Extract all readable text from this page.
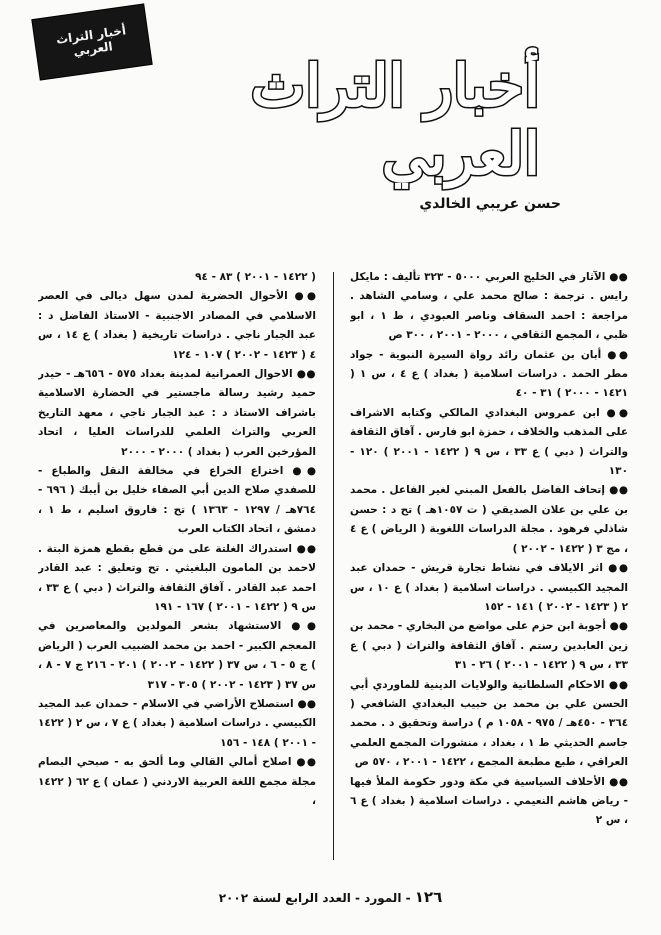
أخبار التراث العربي
أخبار التراث العربي
حسن عريبي الخالدي

●● الآثار في الخليج العربي ٥٠٠٠ - ٣٢٣ تأليف : مايكل رايس . ترجمة : صالح محمد علي ، وسامي الشاهد . مراجعة : احمد السقاف وناصر العبودي ، ط ١ ، ابو ظبي ، المجمع الثقافي ، ٢٠٠٠ - ٢٠٠١ ، ٣٠٠ ص

●● أبان بن عثمان رائد رواة السيرة النبوية - جواد مطر الحمد . دراسات اسلامية ( بغداد ) ع ٤ ، س ١ ( ١٤٢١ - ٢٠٠٠ ) ٣١ - ٤٠

●● ابن عمروس البغدادي المالكي وكتابه الاشراف على المذهب والخلاف ، حمزة ابو فارس . آفاق الثقافة والتراث ( دبي ) ع ٣٣ ، س ٩ ( ١٤٢٢ - ٢٠٠١ ) ١٢٠ - ١٣٠

●● إتحاف الفاضل بالفعل المبني لغير الفاعل . محمد بن علي بن علان الصديقي ( ت ١٠٥٧هـ ) تح د : حسن شاذلي فرهود . مجلة الدراسات اللغوية ( الرياض ) ع ٤ ، مج ٣ ( ١٤٢٢ - ٢٠٠٢ )

●● اثر الايلاف في نشاط تجارة قريش - حمدان عبد المجيد الكبيسي . دراسات اسلامية ( بغداد ) ع ١٠ ، س ٢ ( ١٤٢٣ - ٢٠٠٢ ) ١٤١ - ١٥٢

●● أجوبة ابن حزم على مواضع من البخاري - محمد بن زين العابدين رستم . آفاق الثقافة والتراث ( دبي ) ع ٣٣ ، س ٩ ( ١٤٢٢ - ٢٠٠١ ) ٢٦ - ٣١

●● الاحكام السلطانية والولايات الدينية للماوردي أبي الحسن علي بن محمد بن حبيب البغدادي الشافعي ( ٣٦٤ - ٤٥٠هـ / ٩٧٥ - ١٠٥٨ م ) دراسة وتحقيق د . محمد جاسم الحديثي ط ١ ، بغداد ، منشورات المجمع العلمي العراقي ، طبع مطبعة المجمع ، ١٤٢٢ - ٢٠٠١ ، ٥٧٠ ص

●● الأحلاف السياسية في مكة ودور حكومة الملأ فيها - رياض هاشم النعيمي . دراسات اسلامية ( بغداد ) ع ٦ ، س ٢

( ١٤٢٢ - ٢٠٠١ ) ٨٣ - ٩٤

●● الأحوال الحضرية لمدن سهل ديالى في العصر الاسلامي في المصادر الاجنبية - الاستاذ الفاضل د : عبد الجبار ناجي . دراسات تاريخية ( بغداد ) ع ١٤ ، س ٤ ( ١٤٢٣ - ٢٠٠٢ ) ١٠٧ - ١٢٤

●● الاحوال العمرانية لمدينة بغداد ٥٧٥ - ٦٥٦هـ - حيدر حميد رشيد رسالة ماجستير في الحضارة الاسلامية باشراف الاستاذ د : عبد الجبار ناجي ، معهد التاريخ العربي والتراث العلمي للدراسات العليا ، اتحاد المؤرخين العرب ( بغداد ) ٢٠٠٠ - ٢٠٠٠

●● اختراع الخراع في مخالفة النقل والطباع - للصفدي صلاح الدين أبي الصفاء خليل بن أيبك ( ٦٩٦ - ٧٦٤هـ / ١٢٩٧ - ١٣٦٣ ) تح : فاروق اسليم ، ط ١ ، دمشق ، اتحاد الكتاب العرب

●● استدراك الغلتة على من قطع بقطع همزة البتة . لاحمد بن المامون البلغيثي . تح وتعليق : عبد القادر احمد عبد القادر . آفاق الثقافة والتراث ( دبي ) ع ٣٣ ، س ٩ ( ١٤٢٢ - ٢٠٠١ ) ١٦٧ - ١٩١

●● الاستشهاد بشعر المولدين والمعاصرين في المعجم الكبير - احمد بن محمد الضبيب العرب ( الرياض ) ج ٥ - ٦ ، س ٣٧ ( ١٤٢٢ - ٢٠٠٢ ) ٢٠١ - ٢١٦ ج ٧ - ٨ ، س ٣٧ ( ١٤٢٣ - ٢٠٠٢ ) ٣٠٥ - ٣١٧

●● استصلاح الأراضي في الاسلام - حمدان عبد المجيد الكبيسي . دراسات اسلامية ( بغداد ) ع ٧ ، س ٢ ( ١٤٢٢ - ٢٠٠١ ) ١٤٨ - ١٥٦

●● اصلاح أمالي القالي وما ألحق به - صبحي البصام مجلة مجمع اللغة العربية الاردني ( عمان ) ع ٦٢ ( ١٤٢٢ ،

١٢٦ - المورد - العدد الرابع لسنة ٢٠٠٢
